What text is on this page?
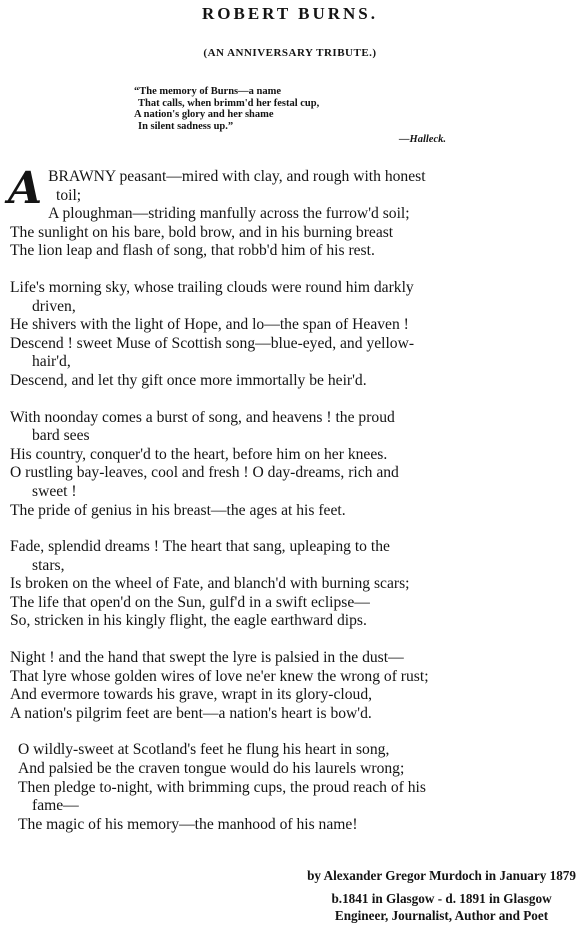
ROBERT BURNS.
(AN ANNIVERSARY TRIBUTE.)
“The memory of Burns—a name
That calls, when brimm'd her festal cup,
A nation's glory and her shame
In silent sadness up.”
—Halleck.
A BRAWNY peasant—mired with clay, and rough with honest
toil;
A ploughman—striding manfully across the furrow'd soil;
The sunlight on his bare, bold brow, and in his burning breast
The lion leap and flash of song, that robb'd him of his rest.
Life's morning sky, whose trailing clouds were round him darkly
driven,
He shivers with the light of Hope, and lo—the span of Heaven !
Descend ! sweet Muse of Scottish song—blue-eyed, and yellow-
hair'd,
Descend, and let thy gift once more immortally be heir'd.
With noonday comes a burst of song, and heavens ! the proud
bard sees
His country, conquer'd to the heart, before him on her knees.
O rustling bay-leaves, cool and fresh ! O day-dreams, rich and
sweet !
The pride of genius in his breast—the ages at his feet.
Fade, splendid dreams ! The heart that sang, upleaping to the
stars,
Is broken on the wheel of Fate, and blanch'd with burning scars;
The life that open'd on the Sun, gulf'd in a swift eclipse—
So, stricken in his kingly flight, the eagle earthward dips.
Night ! and the hand that swept the lyre is palsied in the dust—
That lyre whose golden wires of love ne'er knew the wrong of rust;
And evermore towards his grave, wrapt in its glory-cloud,
A nation's pilgrim feet are bent—a nation's heart is bow'd.
O wildly-sweet at Scotland's feet he flung his heart in song,
And palsied be the craven tongue would do his laurels wrong;
Then pledge to-night, with brimming cups, the proud reach of his
fame—
The magic of his memory—the manhood of his name!
by Alexander Gregor Murdoch in January 1879
b.1841 in Glasgow - d. 1891 in Glasgow
Engineer, Journalist, Author and Poet
